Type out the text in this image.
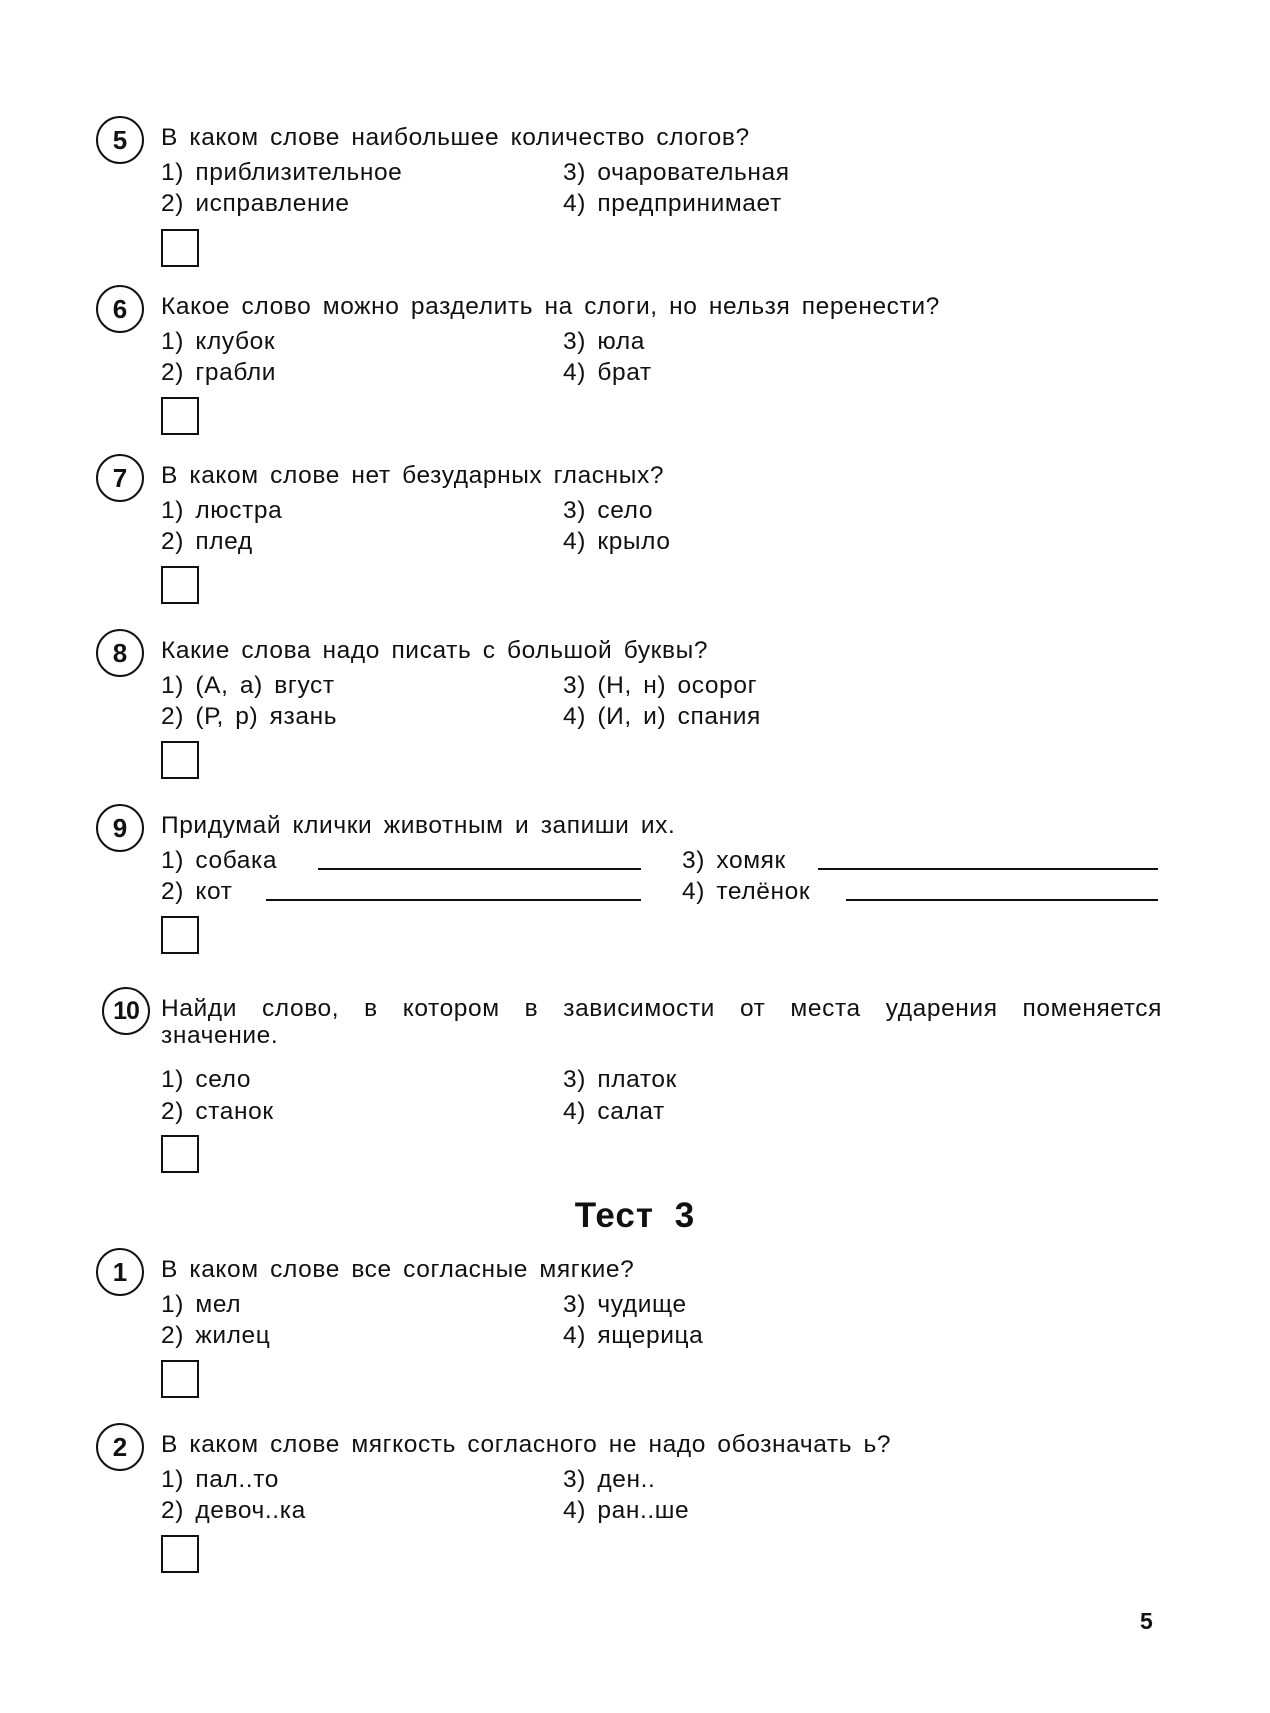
5	В каком слове наибольшее количество слогов?
1) приблизительное
2) исправление
3) очаровательная
4) предпринимает
6	Какое слово можно разделить на слоги, но нельзя перенести?
1) клубок
2) грабли
3) юла
4) брат
7	В каком слове нет безударных гласных?
1) люстра
2) плед
3) село
4) крыло
8	Какие слова надо писать с большой буквы?
1) (А, а) вгуст
2) (Р, р) язань
3) (Н, н) осорог
4) (И, и) спания
9	Придумай клички животным и запиши их.
1) собака
2) кот
3) хомяк
4) телёнок
10 Найди слово, в котором в зависимости от места ударения поменяется значение.
1) село
2) станок
3) платок
4) салат
Тест 3
1	В каком слове все согласные мягкие?
1) мел
2) жилец
3) чудище
4) ящерица
2	В каком слове мягкость согласного не надо обозначать ь?
1) пал..то
2) девоч..ка
3) ден..
4) ран..ше
5
